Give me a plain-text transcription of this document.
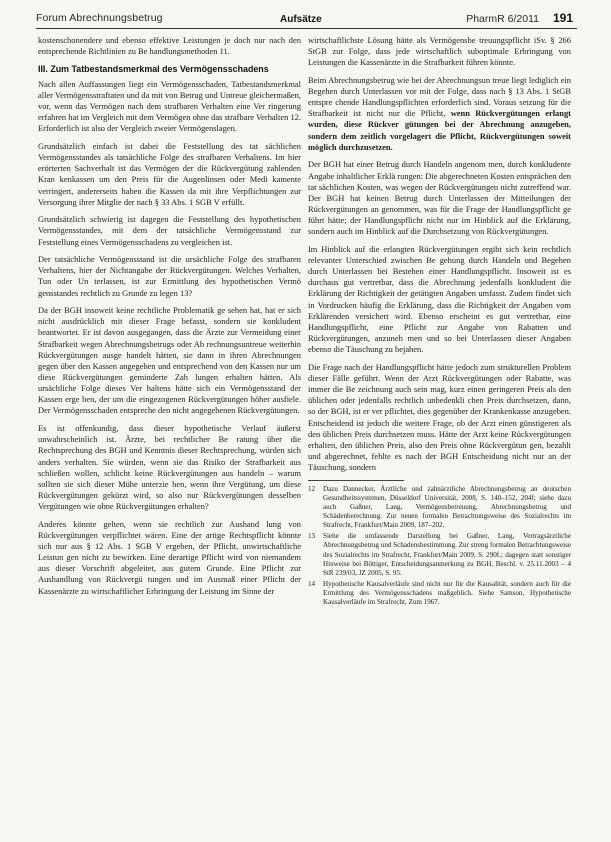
Forum Abrechnungsbetrug	Aufsätze	PharmR 6/2011 191

kostenschonendere und ebenso effektive Leistungen je doch nur nach den entsprechende Richtlinien zu Be handlungsmethoden 11.

III. Zum Tatbestandsmerkmal des Vermögensschadens

Nach allen Auffassungen liegt ein Vermögensschaden, Tatbestandsmerkmal aller Vermögensstraftaten und da mit von Betrug und Untreue gleichermaßen, vor, wenn das Vermögen nach dem strafbaren Verhalten eine Ver ringerung erfahren hat im Vergleich mit dem Vermögen ohne das strafbare Verhalten 12. Erforderlich ist also der Vergleich zweier Vermögenslagen.

Grundsätzlich einfach ist dabei die Feststellung des tat sächlichen Vermögensstandes als tatsächliche Folge des strafbaren Verhaltens. Im hier erörterten Sachverhalt ist das Vermögen der die Rückvergütung zahlenden Kran kenkassen um den Preis für die Augenlinsen oder Medi kamente verringert, andererseits haben die Kassen da mit ihre Verpflichtungen zur Versorgung ihrer Mitglie der nach § 33 Abs. 1 SGB V erfüllt.

Grundsätzlich schwierig ist dagegen die Feststellung des hypothetischen Vermögensstandes, mit dem der tatsächliche Vermögensstand zur Feststellung eines Vermögensschadens zu vergleichen ist.

Der tatsächliche Vermögensstand ist die ursächliche Folge des strafbaren Verhaltens, hier der Nichtangabe der Rückvergütungen. Welches Verhalten, Tun oder Un terlassen, ist zur Ermittlung des hypothetischen Vermö gensstandes rechtlich zu Grunde zu legen 13?

Da der BGH insoweit keine rechtliche Problematik ge sehen hat, hat er sich nicht ausdrücklich mit dieser Frage befasst, sondern sie konkludent beantwortet. Er ist davon ausgegangen, dass die Ärzte zur Vermeidung einer Strafbarkeit wegen Abrechnungsbetrugs oder Ab rechnungsuntreue weiterhin Rückvergütungen ausge handelt hätten, sie dann in ihren Abrechnungen gegen über den Kassen angegeben und entsprechend von den Kassen nur um diese Rückvergütungen geminderte Zah lungen erhalten hätten. Als ursächliche Folge dieses Ver haltens hätte sich ein Vermögensstand der Kassen erge ben, der um die eingezogenen Rückvergütungen höher ausfiele. Der Vermögensschaden entspreche den nicht angegebenen Rückvergütungen.

Es ist offenkundig, dass dieser hypothetische Verlauf äußerst unwahrscheinlich ist. Ärzte, bei rechtlicher Be ratung über die Rechtsprechung des BGH und Kenntnis dieser Rechtsprechung, würden sich anders verhalten. Sie würden, wenn sie das Risiko der Strafbarkeit aus schließen wollen, schlicht keine Rückvergütungen aus handeln – warum sollten sie sich dieser Mühe unterzie hen, wenn ihre Vergütung, um diese Rückvergütungen gekürzt wird, so also nur Rückvergütungen desselben Vergütungen wie ohne Rückvergütungen erhalten?

Anderes könnte gelten, wenn sie rechtlich zur Aushand lung von Rückvergütungen verpflichtet wären. Eine der artige Rechtspflicht könnte sich nur aus § 12 Abs. 1 SGB V ergeben, der Pflicht, unwirtschaftliche Leistun gen nicht zu bewirken. Eine derartige Pflicht wird von niemandem aus dieser Vorschrift abgeleitet, aus gutem Grunde. Eine Pflicht zur Aushandlung von Rückvergü tungen und im Ausmaß einer Pflicht der Kassenärzte zu wirtschaftlicher Erbringung der Leistung im Sinne der

wirtschaftlichste Lösung hätte als Vermögensbe treuungspflicht iSv. § 266 StGB zur Folge, dass jede wirtschaftlich suboptimale Erbringung von Leistungen die Kassenärzte in die Strafbarkeit führen könnte.

Beim Abrechnungsbetrug wie bei der Abrechnungsun treue liegt lediglich ein Begehen durch Unterlassen vor mit der Folge, dass nach § 13 Abs. 1 StGB entspre chende Handlungspflichten erforderlich sind. Voraus setzung für die Strafbarkeit ist nicht nur die Pflicht, wenn Rückvergütungen erlangt wurden, diese Rückver gütungen bei der Abrechnung anzugeben, sondern dem zeitlich vorgelagert die Pflicht, Rückvergütungen soweit möglich durchzusetzen.

Der BGH hat einer Betrug durch Handeln angenom men, durch konkludente Angabe inhaltlicher Erklä rungen: Die abgerechneten Kosten entsprächen den tat sächlichen Kosten, was wegen der Rückvergütungen nicht zutreffend war. Der BGH hat keinen Betrug durch Unterlassen der Mitteilungen der Rückvergütungen an genommen, was für die Frage der Handlungspflicht ge führt hätte; der Handlungspflicht nicht nur im Hinblick auf die Erklärung, sondern auch im Hinblick auf die Durchsetzung von Rückvergütungen.

Im Hinblick auf die erlangten Rückvergütungen ergibt sich kein rechtlich relevanter Unterschied zwischen Be gehung durch Handeln und Begehen durch Unterlassen bei Bestehen einer Handlungspflicht. Insoweit ist es durchaus gut vertretbar, dass die Abrechnung jedenfalls konkludent die Erklärung der Richtigkeit der getätigten Angaben umfasst. Zudem findet sich in Vordrucken häufig die Erklärung, dass die Richtigkeit der Angaben vom Erklärenden versichert wird. Ebenso erscheint es gut vertretbar, eine Handlungspflicht, eine Pflicht zur Angabe von Rabatten und Rückvergütungen, anzuneh men und so bei Unterlassen dieser Angaben ebenso die Täuschung zu bejahen.

Die Frage nach der Handlungspflicht hätte jedoch zum strukturellen Problem dieser Fälle geführt. Wenn der Arzt Rückvergütungen oder Rabatte, was immer die Be zeichnung auch sein mag, kurz einen geringeren Preis als den üblichen oder jedenfalls rechtlich unbedenkli chen Preis durchsetzen, dann, so der BGH, ist er ver pflichtet, dies gegenüber der Krankenkasse anzugeben. Entscheidend ist jedoch die weitere Frage, ob der Arzt einen günstigeren als den üblichen Preis durchsetzen muss. Hätte der Arzt keine Rückvergütungen erhalten, den üblichen Preis, also den Preis ohne Rückvergütun gen, bezahlt und abgerechnet, fehlte es nach der BGH Entscheidung nicht nur an der Täuschung, sondern

12	Dazu Dannecker, Ärztliche und zahnärztliche Abrechnungsbetrug an deutschen Gesundheitssystemen, Düsseldorf Universität, 2008, S. 140–152, 204f; siehe dazu auch Gaßner, Lang, Vermögensbetreuung, Abrechnungsbetrug und Schädenberechnung. Zur neuen formalen Betrachtungsweise des Sozialrechts im Strafrecht, Frankfurt/Main 2009, 187–202.
13	Siehe die umfassende Darstellung bei Gaßner, Lang, Vertragsärztliche Abrechnungsbetrug und Schadensbestimmung. Zur streng formalen Betrachtungsweise des Sozialrechts im Strafrecht, Frankfurt/Main 2009, S. 290f.; dagegen statt sonstiger Hinweise bei Böttiger, Entscheidungsanmerkung zu BGH, Beschl. v. 25.11.2003 – 4 StR 239/03, JZ 2005, S. 95.
14	Hypothetische Kausalverläufe sind nicht nur für die Kausalität, sondern auch für die Ermittlung des Vermögensschadens maßgeblich. Siehe Samson, Hypothetische Kausalverläufe im Strafrecht, Zum 1967.
